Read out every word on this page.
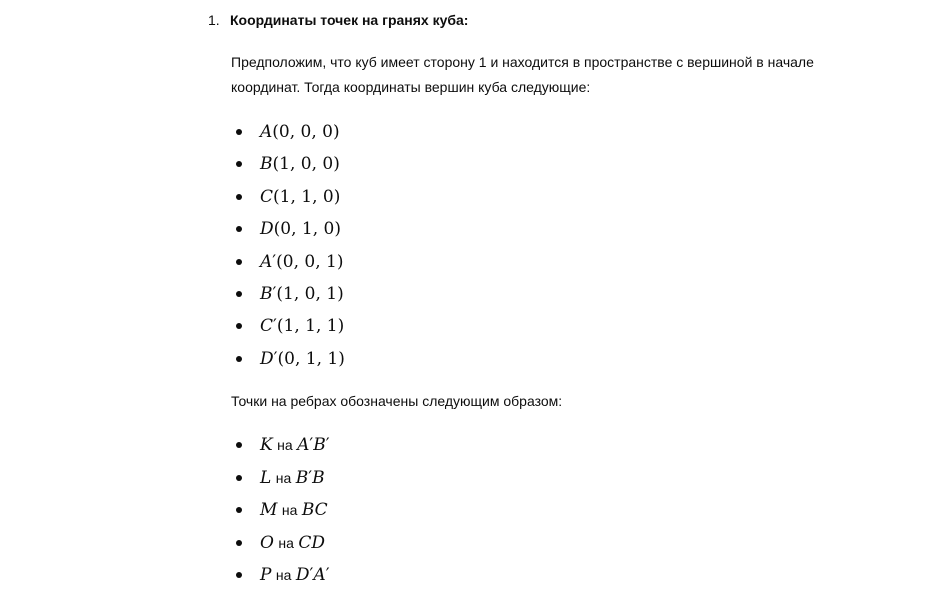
1. Координаты точек на гранях куба:
Предположим, что куб имеет сторону 1 и находится в пространстве с вершиной в начале координат. Тогда координаты вершин куба следующие:
A(0, 0, 0)
B(1, 0, 0)
C(1, 1, 0)
D(0, 1, 0)
A′(0, 0, 1)
B′(1, 0, 1)
C′(1, 1, 1)
D′(0, 1, 1)
Точки на ребрах обозначены следующим образом:
K на A′B′
L на B′B
M на BC
O на CD
P на D′A′
